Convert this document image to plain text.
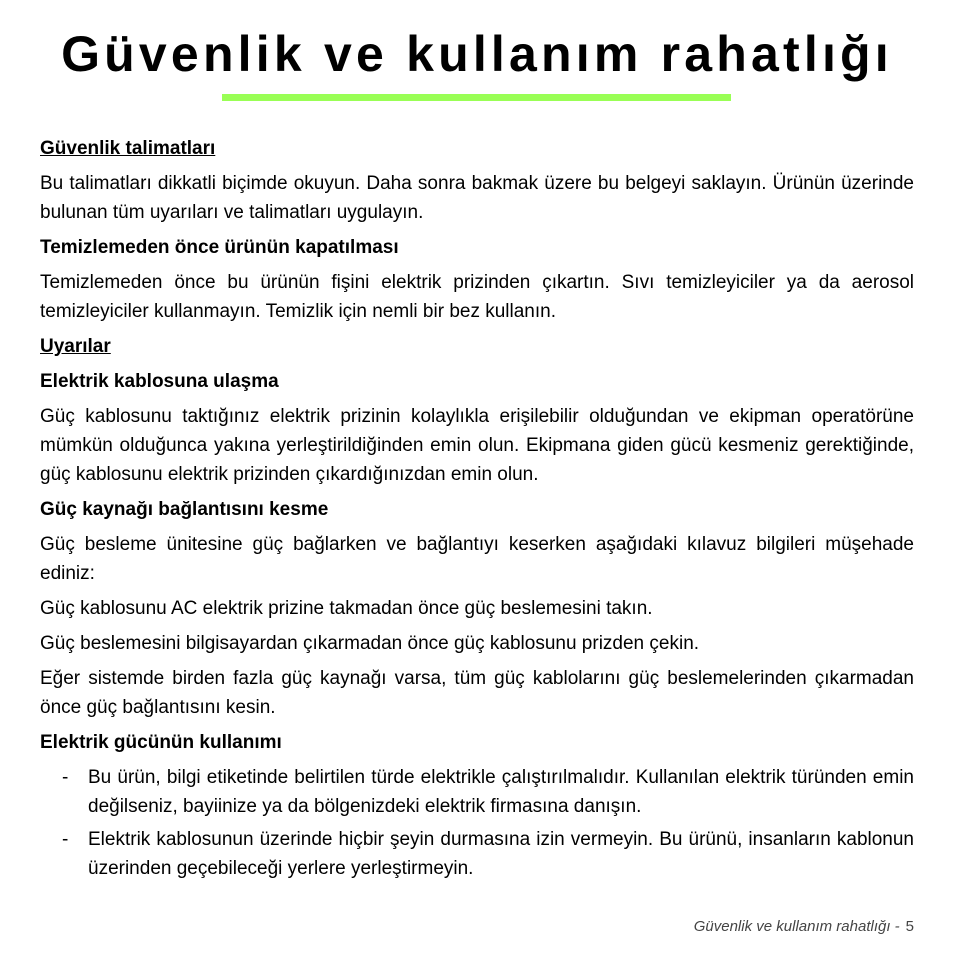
Güvenlik ve kullanım rahatlığı
Güvenlik talimatları
Bu talimatları dikkatli biçimde okuyun. Daha sonra bakmak üzere bu belgeyi saklayın. Ürünün üzerinde bulunan tüm uyarıları ve talimatları uygulayın.
Temizlemeden önce ürünün kapatılması
Temizlemeden önce bu ürünün fişini elektrik prizinden çıkartın. Sıvı temizleyiciler ya da aerosol temizleyiciler kullanmayın. Temizlik için nemli bir bez kullanın.
Uyarılar
Elektrik kablosuna ulaşma
Güç kablosunu taktığınız elektrik prizinin kolaylıkla erişilebilir olduğundan ve ekipman operatörüne mümkün olduğunca yakına yerleştirildiğinden emin olun. Ekipmana giden gücü kesmeniz gerektiğinde, güç kablosunu elektrik prizinden çıkardığınızdan emin olun.
Güç kaynağı bağlantısını kesme
Güç besleme ünitesine güç bağlarken ve bağlantıyı keserken aşağıdaki kılavuz bilgileri müşehade ediniz:
Güç kablosunu AC elektrik prizine takmadan önce güç beslemesini takın.
Güç beslemesini bilgisayardan çıkarmadan önce güç kablosunu prizden çekin.
Eğer sistemde birden fazla güç kaynağı varsa, tüm güç kablolarını güç beslemelerinden çıkarmadan önce güç bağlantısını kesin.
Elektrik gücünün kullanımı
- Bu ürün, bilgi etiketinde belirtilen türde elektrikle çalıştırılmalıdır. Kullanılan elektrik türünden emin değilseniz, bayiinize ya da bölgenizdeki elektrik firmasına danışın.
- Elektrik kablosunun üzerinde hiçbir şeyin durmasına izin vermeyin. Bu ürünü, insanların kablonun üzerinden geçebileceği yerlere yerleştirmeyin.
Güvenlik ve kullanım rahatlığı - 5
